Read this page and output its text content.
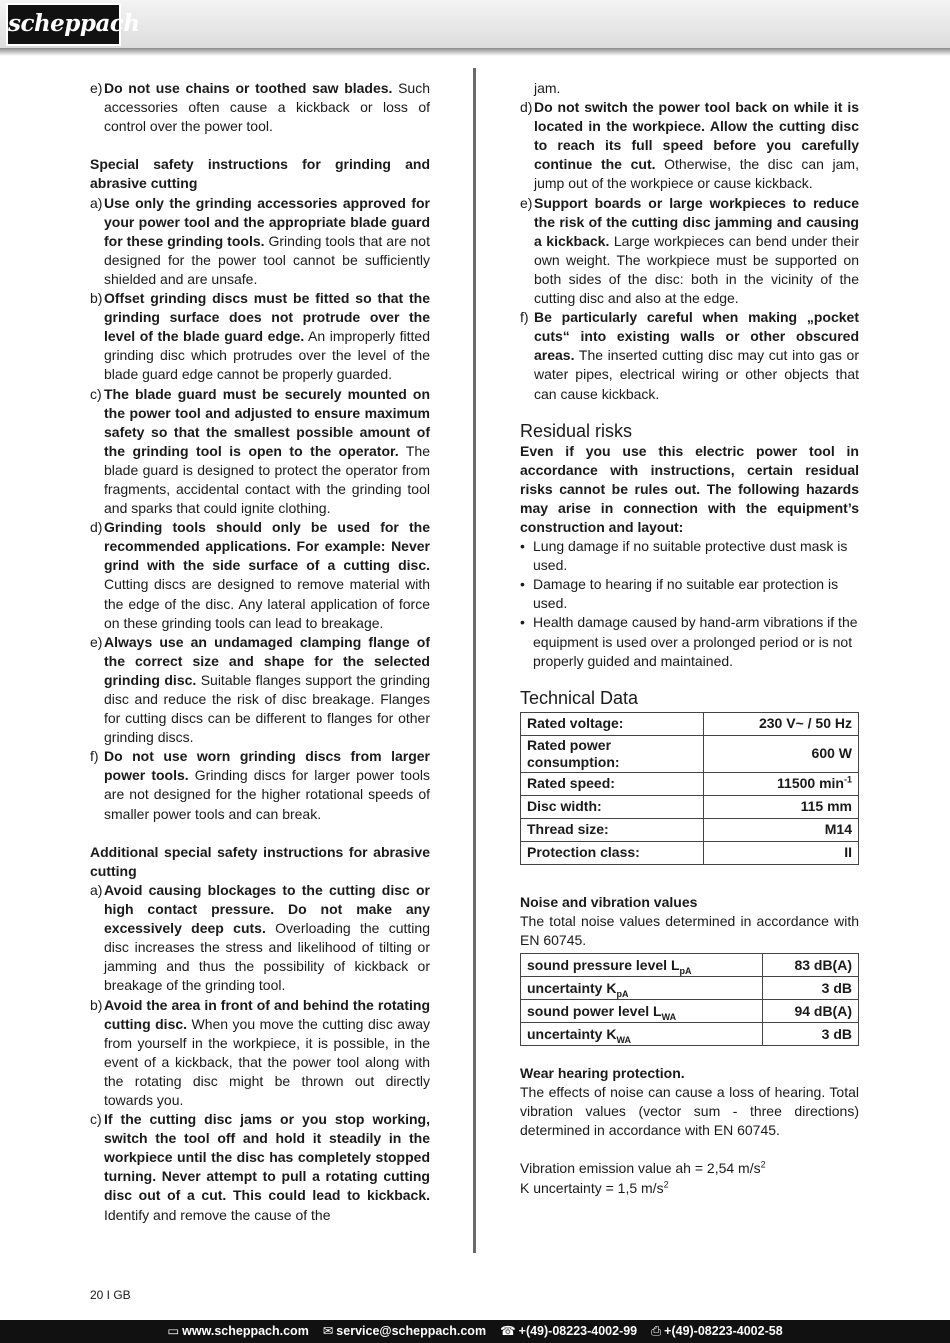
scheppach
e) Do not use chains or toothed saw blades. Such accessories often cause a kickback or loss of control over the power tool.
Special safety instructions for grinding and abrasive cutting
a) Use only the grinding accessories approved for your power tool and the appropriate blade guard for these grinding tools. Grinding tools that are not designed for the power tool cannot be sufficiently shielded and are unsafe.
b) Offset grinding discs must be fitted so that the grinding surface does not protrude over the level of the blade guard edge. An improperly fitted grinding disc which protrudes over the level of the blade guard edge cannot be properly guarded.
c) The blade guard must be securely mounted on the power tool and adjusted to ensure maximum safety so that the smallest possible amount of the grinding tool is open to the operator. The blade guard is designed to protect the operator from fragments, accidental contact with the grinding tool and sparks that could ignite clothing.
d) Grinding tools should only be used for the recommended applications. For example: Never grind with the side surface of a cutting disc. Cutting discs are designed to remove material with the edge of the disc. Any lateral application of force on these grinding tools can lead to breakage.
e) Always use an undamaged clamping flange of the correct size and shape for the selected grinding disc. Suitable flanges support the grinding disc and reduce the risk of disc breakage. Flanges for cutting discs can be different to flanges for other grinding discs.
f) Do not use worn grinding discs from larger power tools. Grinding discs for larger power tools are not designed for the higher rotational speeds of smaller power tools and can break.
Additional special safety instructions for abrasive cutting
a) Avoid causing blockages to the cutting disc or high contact pressure. Do not make any excessively deep cuts. Overloading the cutting disc increases the stress and likelihood of tilting or jamming and thus the possibility of kickback or breakage of the grinding tool.
b) Avoid the area in front of and behind the rotating cutting disc. When you move the cutting disc away from yourself in the workpiece, it is possible, in the event of a kickback, that the power tool along with the rotating disc might be thrown out directly towards you.
c) If the cutting disc jams or you stop working, switch the tool off and hold it steadily in the workpiece until the disc has completely stopped turning. Never attempt to pull a rotating cutting disc out of a cut. This could lead to kickback. Identify and remove the cause of the

jam.

d) Do not switch the power tool back on while it is located in the workpiece. Allow the cutting disc to reach its full speed before you carefully continue the cut. Otherwise, the disc can jam, jump out of the workpiece or cause kickback.
e) Support boards or large workpieces to reduce the risk of the cutting disc jamming and causing a kickback. Large workpieces can bend under their own weight. The workpiece must be supported on both sides of the disc: both in the vicinity of the cutting disc and also at the edge.
f) Be particularly careful when making „pocket cuts“ into existing walls or other obscured areas. The inserted cutting disc may cut into gas or water pipes, electrical wiring or other objects that can cause kickback.
Residual risks

Even if you use this electric power tool in accordance with instructions, certain residual risks cannot be rules out. The following hazards may arise in connection with the equipment’s construction and layout:

• Lung damage if no suitable protective dust mask is used.
• Damage to hearing if no suitable ear protection is used.
• Health damage caused by hand-arm vibrations if the equipment is used over a prolonged period or is not properly guided and maintained.
Technical Data
Rated voltage:	230 V~ / 50 Hz
Rated power consumption:	600 W
Rated speed:	11500 $\min^{-1}$
Disc width:	115 mm
Thread size:	M14
Protection class:	II

Noise and vibration values

The total noise values determined in accordance with EN 60745.

sound pressure level $L_{pA}$	83 dB(A)
uncertainty $K_{pA}$	3 dB
sound power level $L_{WA}$	94 dB(A)
uncertainty $K_{WA}$	3 dB

Wear hearing protection.

The effects of noise can cause a loss of hearing. Total vibration values (vector sum - three directions) determined in accordance with EN 60745.

Vibration emission value ah = 2,54 $m/s^2$

K uncertainty = 1,5 $m/s^2$

20 I GB
▭ www.scheppach.com ✉ service@scheppach.com ☎ +(49)-08223-4002-99 ⎙ +(49)-08223-4002-58
